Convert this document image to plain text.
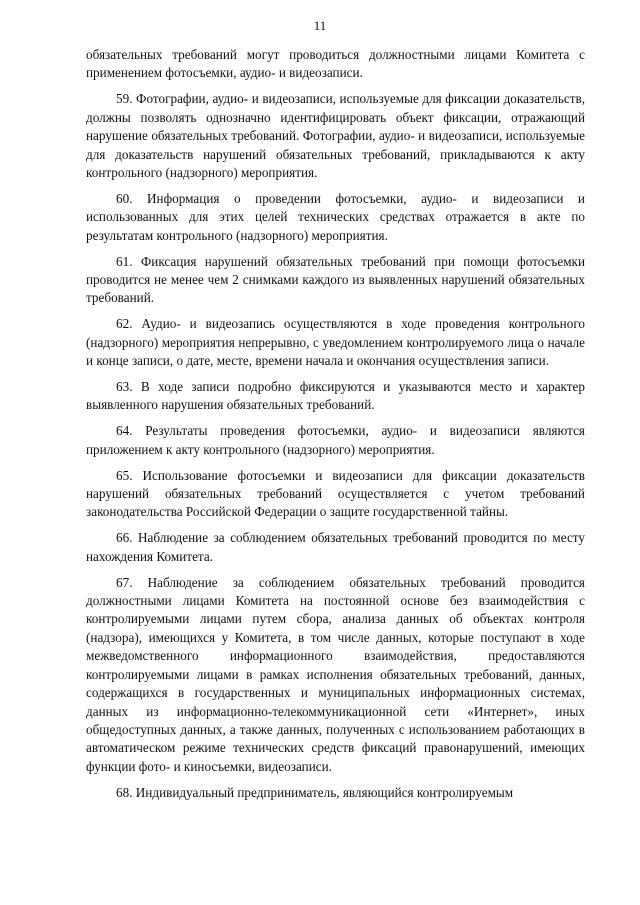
11

обязательных требований могут проводиться должностными лицами Комитета с применением фотосъемки, аудио- и видеозаписи.

59. Фотографии, аудио- и видеозаписи, используемые для фиксации доказательств, должны позволять однозначно идентифицировать объект фиксации, отражающий нарушение обязательных требований. Фотографии, аудио- и видеозаписи, используемые для доказательств нарушений обязательных требований, прикладываются к акту контрольного (надзорного) мероприятия.

60. Информация о проведении фотосъемки, аудио- и видеозаписи и использованных для этих целей технических средствах отражается в акте по результатам контрольного (надзорного) мероприятия.

61. Фиксация нарушений обязательных требований при помощи фотосъемки проводится не менее чем 2 снимками каждого из выявленных нарушений обязательных требований.

62. Аудио- и видеозапись осуществляются в ходе проведения контрольного (надзорного) мероприятия непрерывно, с уведомлением контролируемого лица о начале и конце записи, о дате, месте, времени начала и окончания осуществления записи.

63. В ходе записи подробно фиксируются и указываются место и характер выявленного нарушения обязательных требований.

64. Результаты проведения фотосъемки, аудио- и видеозаписи являются приложением к акту контрольного (надзорного) мероприятия.

65. Использование фотосъемки и видеозаписи для фиксации доказательств нарушений обязательных требований осуществляется с учетом требований законодательства Российской Федерации о защите государственной тайны.

66. Наблюдение за соблюдением обязательных требований проводится по месту нахождения Комитета.

67. Наблюдение за соблюдением обязательных требований проводится должностными лицами Комитета на постоянной основе без взаимодействия с контролируемыми лицами путем сбора, анализа данных об объектах контроля (надзора), имеющихся у Комитета, в том числе данных, которые поступают в ходе межведомственного информационного взаимодействия, предоставляются контролируемыми лицами в рамках исполнения обязательных требований, данных, содержащихся в государственных и муниципальных информационных системах, данных из информационно-телекоммуникационной сети «Интернет», иных общедоступных данных, а также данных, полученных с использованием работающих в автоматическом режиме технических средств фиксаций правонарушений, имеющих функции фото- и киносъемки, видеозаписи.

68. Индивидуальный предприниматель, являющийся контролируемым
